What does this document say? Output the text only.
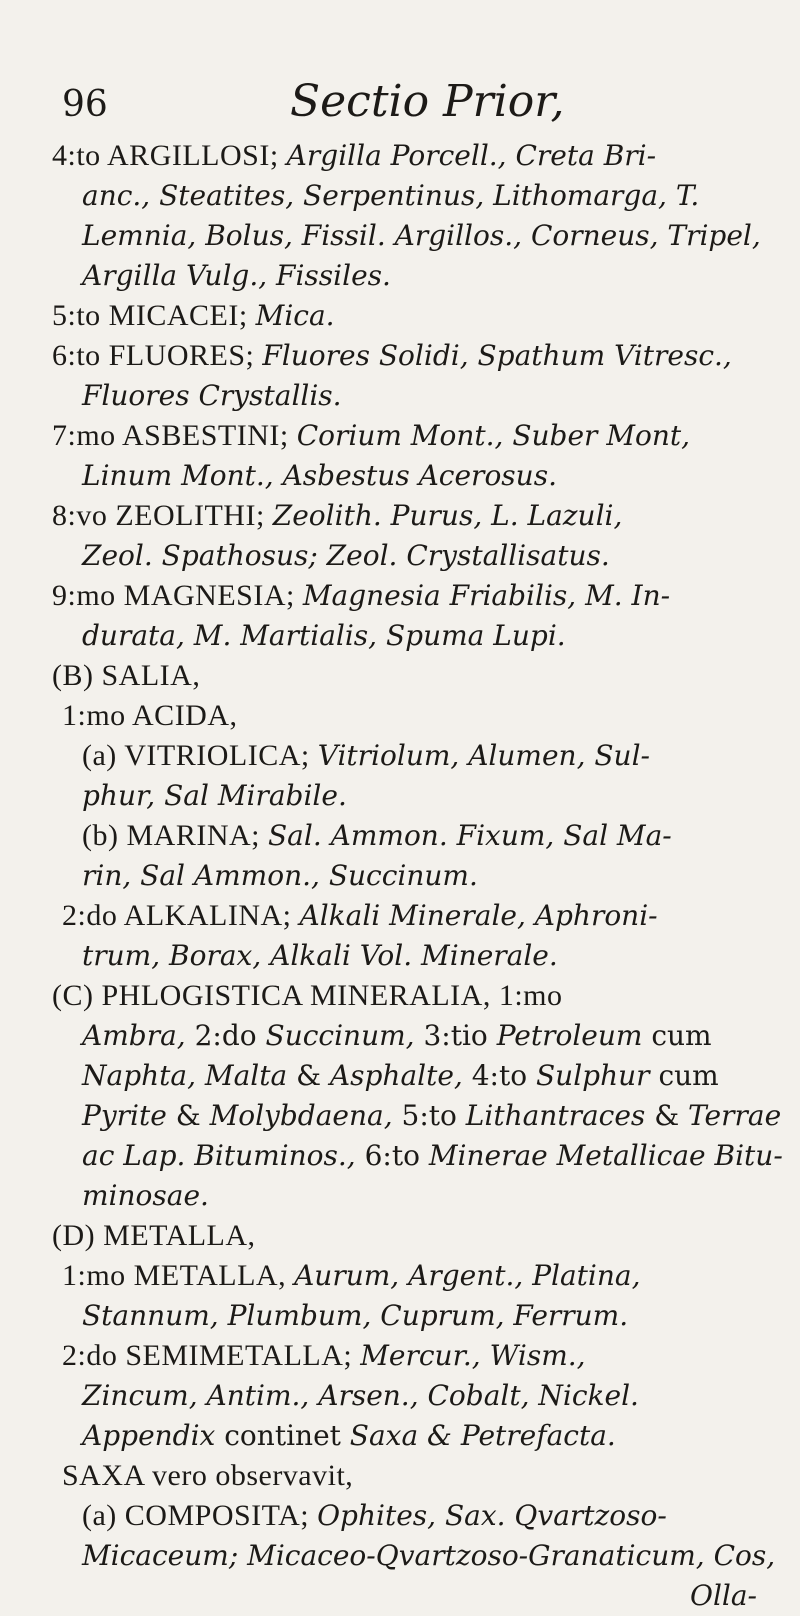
96	Sectio Prior,
4:to ARGILLOSI; Argilla Porcell., Creta Bri-
anc., Steatites, Serpentinus, Lithomarga, T.
Lemnia, Bolus, Fissil. Argillos., Corneus, Tripel,
Argilla Vulg., Fissiles.
5:to MICACEI; Mica.
6:to FLUORES; Fluores Solidi, Spathum Vitresc.,
Fluores Crystallis.
7:mo ASBESTINI; Corium Mont., Suber Mont,
Linum Mont., Asbestus Acerosus.
8:vo ZEOLITHI; Zeolith. Purus, L. Lazuli,
Zeol. Spathosus; Zeol. Crystallisatus.
9:mo MAGNESIA; Magnesia Friabilis, M. In-
durata, M. Martialis, Spuma Lupi.
(B) SALIA,
1:mo ACIDA,
(a) VITRIOLICA; Vitriolum, Alumen, Sul-
phur, Sal Mirabile.
(b) MARINA; Sal. Ammon. Fixum, Sal Ma-
rin, Sal Ammon., Succinum.
2:do ALKALINA; Alkali Minerale, Aphroni-
trum, Borax, Alkali Vol. Minerale.
(C) PHLOGISTICA MINERALIA, 1:mo
Ambra, 2:do Succinum, 3:tio Petroleum cum
Naphta, Malta & Asphalte, 4:to Sulphur cum
Pyrite & Molybdaena, 5:to Lithantraces & Terrae
ac Lap. Bituminos., 6:to Minerae Metallicae Bitu-
minosae.
(D) METALLA,
1:mo METALLA, Aurum, Argent., Platina,
Stannum, Plumbum, Cuprum, Ferrum.
2:do SEMIMETALLA; Mercur., Wism.,
Zincum, Antim., Arsen., Cobalt, Nickel.
Appendix continet Saxa & Petrefacta.
SAXA vero observavit,
(a) COMPOSITA; Ophites, Sax. Qvartzoso-
Micaceum; Micaceo-Qvartzoso-Granaticum, Cos,
Olla-
